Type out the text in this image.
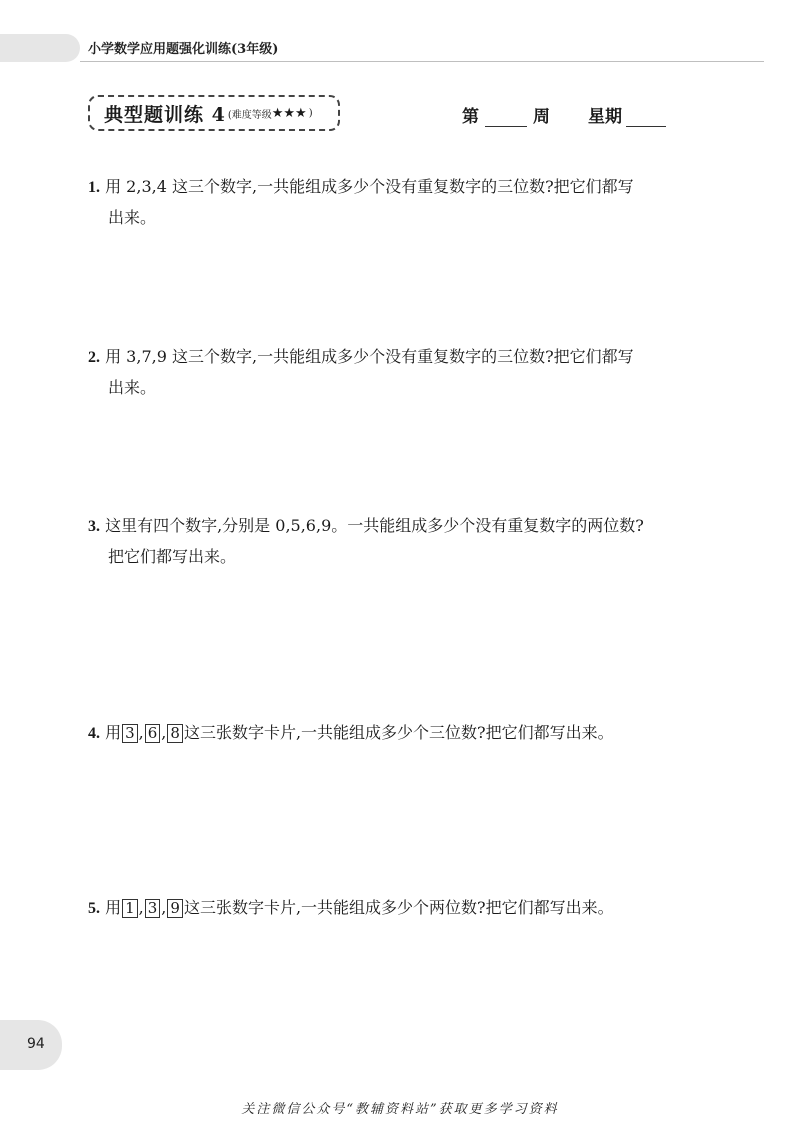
小学数学应用题强化训练(3年级)
典型题训练 4 (难度等级 ★★★ )	第	周 星期
1. 用 2,3,4 这三个数字,一共能组成多少个没有重复数字的三位数?把它们都写
出来。
2. 用 3,7,9 这三个数字,一共能组成多少个没有重复数字的三位数?把它们都写
出来。
3. 这里有四个数字,分别是 0,5,6,9。一共能组成多少个没有重复数字的两位数?
把它们都写出来。
4. 用 3 , 6 , 8 这三张数字卡片,一共能组成多少个三位数?把它们都写出来。
5. 用 1 , 3 , 9 这三张数字卡片,一共能组成多少个两位数?把它们都写出来。
94
关注微信公众号“教辅资料站”获取更多学习资料
